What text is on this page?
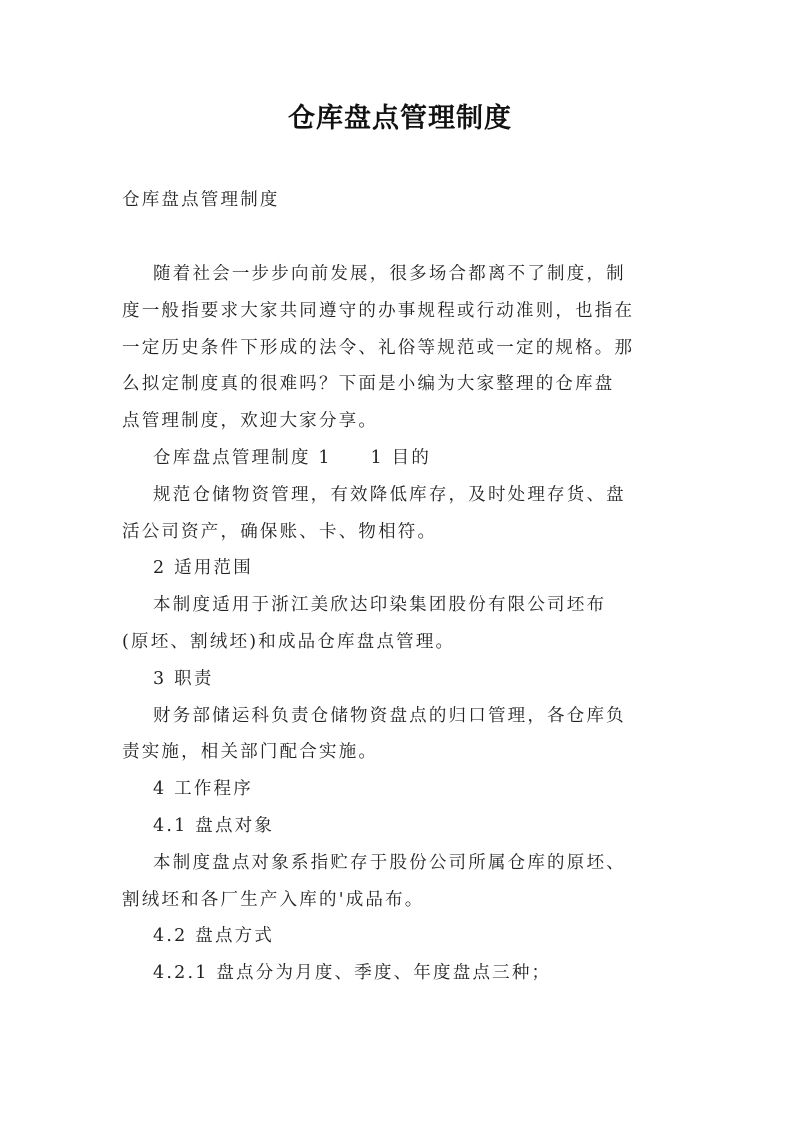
仓库盘点管理制度
仓库盘点管理制度
随着社会一步步向前发展，很多场合都离不了制度，制
度一般指要求大家共同遵守的办事规程或行动准则，也指在
一定历史条件下形成的法令、礼俗等规范或一定的规格。那
么拟定制度真的很难吗？下面是小编为大家整理的仓库盘
点管理制度，欢迎大家分享。
仓库盘点管理制度 1     1 目的
规范仓储物资管理，有效降低库存，及时处理存货、盘
活公司资产，确保账、卡、物相符。
2 适用范围
本制度适用于浙江美欣达印染集团股份有限公司坯布
(原坯、割绒坯)和成品仓库盘点管理。
3 职责
财务部储运科负责仓储物资盘点的归口管理，各仓库负
责实施，相关部门配合实施。
4 工作程序
4.1 盘点对象
本制度盘点对象系指贮存于股份公司所属仓库的原坯、
割绒坯和各厂生产入库的'成品布。
4.2 盘点方式
4.2.1 盘点分为月度、季度、年度盘点三种；
